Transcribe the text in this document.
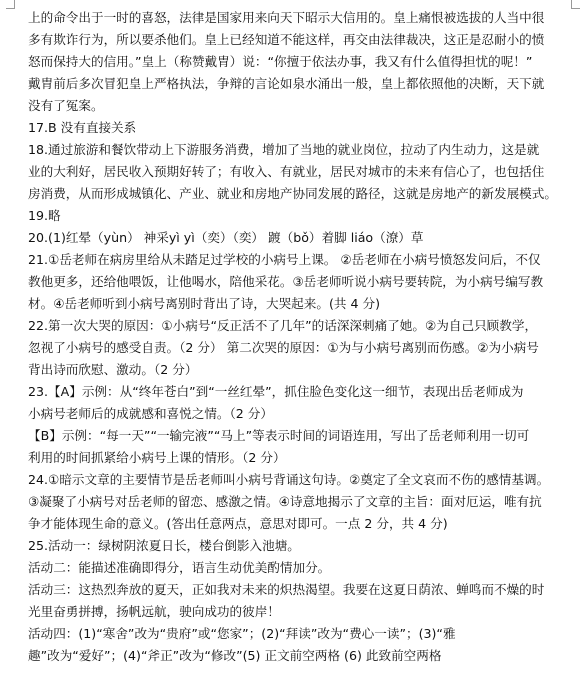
上的命令出于一时的喜怒，法律是国家用来向天下昭示大信用的。皇上痛恨被选拔的人当中很
多有欺诈行为，所以要杀他们。皇上已经知道不能这样，再交由法律裁决，这正是忍耐小的愤
怒而保持大的信用。”皇上（称赞戴胄）说：“你擅于依法办事，我又有什么值得担忧的呢！”
戴胄前后多次冒犯皇上严格执法，争辩的言论如泉水涌出一般，皇上都依照他的决断，天下就
没有了冤案。
17.B 没有直接关系
18.通过旅游和餐饮带动上下游服务消费，增加了当地的就业岗位，拉动了内生动力，这是就
业的大利好，居民收入预期好转了；有收入、有就业，居民对城市的未来有信心了，也包括住
房消费，从而形成城镇化、产业、就业和房地产协同发展的路径，这就是房地产的新发展模式。
19.略
20.(1)红晕（yùn） 神采yì yì（奕）（奕） 踱（bǒ）着脚 liáo（潦）草
21.①岳老师在病房里给从未踏足过学校的小病号上课。 ②岳老师在小病号愤怒发问后，不仅
教他更多，还给他喂饭，让他喝水，陪他采花。③岳老师听说小病号要转院，为小病号编写教
材。④岳老师听到小病号离别时背出了诗，大哭起来。(共 4 分)
22.第一次大哭的原因：①小病号“反正活不了几年”的话深深刺痛了她。②为自己只顾教学，
忽视了小病号的感受自责。（2 分） 第二次哭的原因：①为与小病号离别而伤感。②为小病号
背出诗而欣慰、激动。（2 分）
23.【A】示例：从“终年苍白”到“一丝红晕”，抓住脸色变化这一细节，表现出岳老师成为
小病号老师后的成就感和喜悦之情。（2 分）
【B】示例：“每一天”“一输完液”“马上”等表示时间的词语连用，写出了岳老师利用一切可
利用的时间抓紧给小病号上课的情形。（2 分）
24.①暗示文章的主要情节是岳老师叫小病号背诵这句诗。②奠定了全文哀而不伤的感情基调。
③凝聚了小病号对岳老师的留恋、感激之情。④诗意地揭示了文章的主旨：面对厄运，唯有抗
争才能体现生命的意义。(答出任意两点，意思对即可。一点 2 分，共 4 分)
25.活动一：绿树阴浓夏日长，楼台倒影入池塘。
活动二：能描述准确即得分，语言生动优美酌情加分。
活动三：这热烈奔放的夏天，正如我对未来的炽热渴望。我要在这夏日荫浓、蝉鸣而不燥的时
光里奋勇拼搏，扬帆远航，驶向成功的彼岸！
活动四：(1)“寒舍”改为“贵府”或“您家”；(2)“拜读”改为“费心一读”；(3)“雅
趣”改为“爱好”；(4)“斧正”改为“修改”(5) 正文前空两格 (6) 此致前空两格
